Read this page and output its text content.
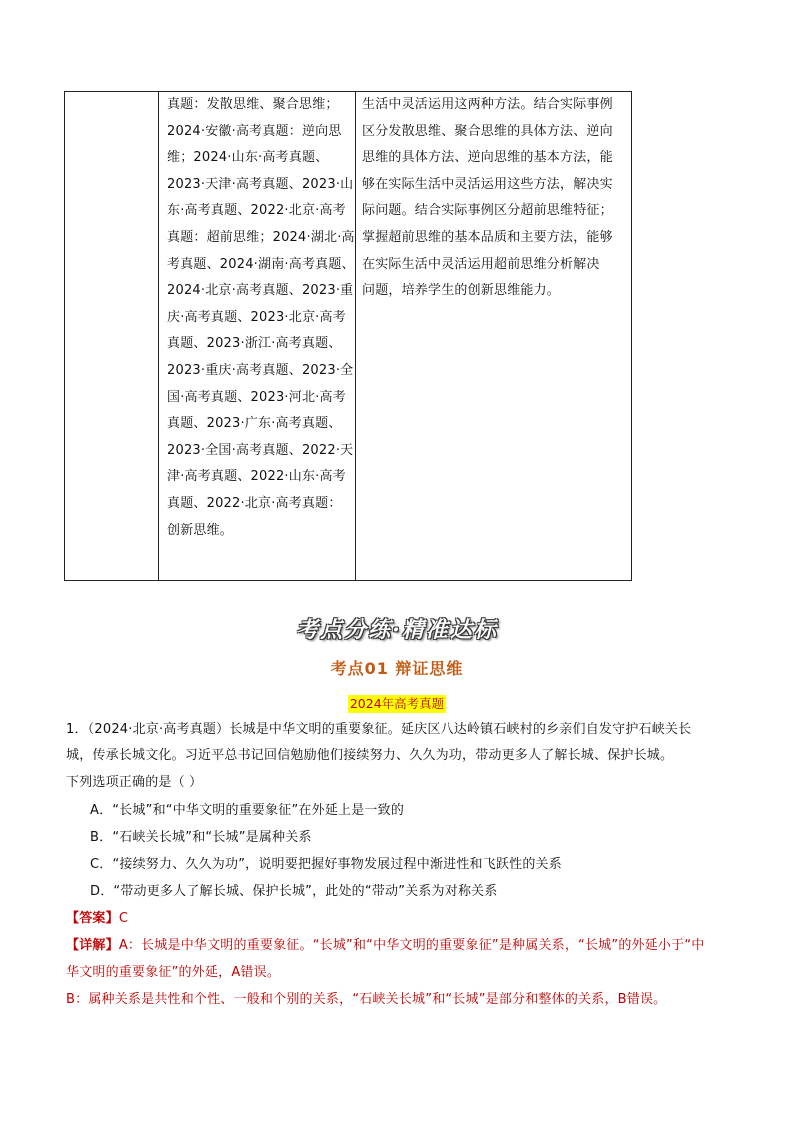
真题：发散思维、聚合思维；
2024·安徽·高考真题：逆向思
维；2024·山东·高考真题、
2023·天津·高考真题、2023·山
东·高考真题、2022·北京·高考
真题：超前思维；2024·湖北·高
考真题、2024·湖南·高考真题、
2024·北京·高考真题、2023·重
庆·高考真题、2023·北京·高考
真题、2023·浙江·高考真题、
2023·重庆·高考真题、2023·全
国·高考真题、2023·河北·高考
真题、2023·广东·高考真题、
2023·全国·高考真题、2022·天
津·高考真题、2022·山东·高考
真题、2022·北京·高考真题：
创新思维。
生活中灵活运用这两种方法。结合实际事例
区分发散思维、聚合思维的具体方法、逆向
思维的具体方法、逆向思维的基本方法，能
够在实际生活中灵活运用这些方法，解决实
际问题。结合实际事例区分超前思维特征；
掌握超前思维的基本品质和主要方法，能够
在实际生活中灵活运用超前思维分析解决
问题，培养学生的创新思维能力。
考点分练·精准达标
考点01 辩证思维
2024年高考真题
1．（2024·北京·高考真题）长城是中华文明的重要象征。延庆区八达岭镇石峡村的乡亲们自发守护石峡关长
城，传承长城文化。习近平总书记回信勉励他们接续努力、久久为功，带动更多人了解长城、保护长城。
下列选项正确的是（ ）
A．“长城”和“中华文明的重要象征”在外延上是一致的
B．“石峡关长城”和“长城”是属种关系
C．“接续努力、久久为功”，说明要把握好事物发展过程中渐进性和飞跃性的关系
D．“带动更多人了解长城、保护长城”，此处的“带动”关系为对称关系
【答案】C
【详解】A：长城是中华文明的重要象征。“长城”和“中华文明的重要象征”是种属关系，“长城”的外延小于“中
华文明的重要象征”的外延，A错误。
B：属种关系是共性和个性、一般和个别的关系，“石峡关长城”和“长城”是部分和整体的关系，B错误。
